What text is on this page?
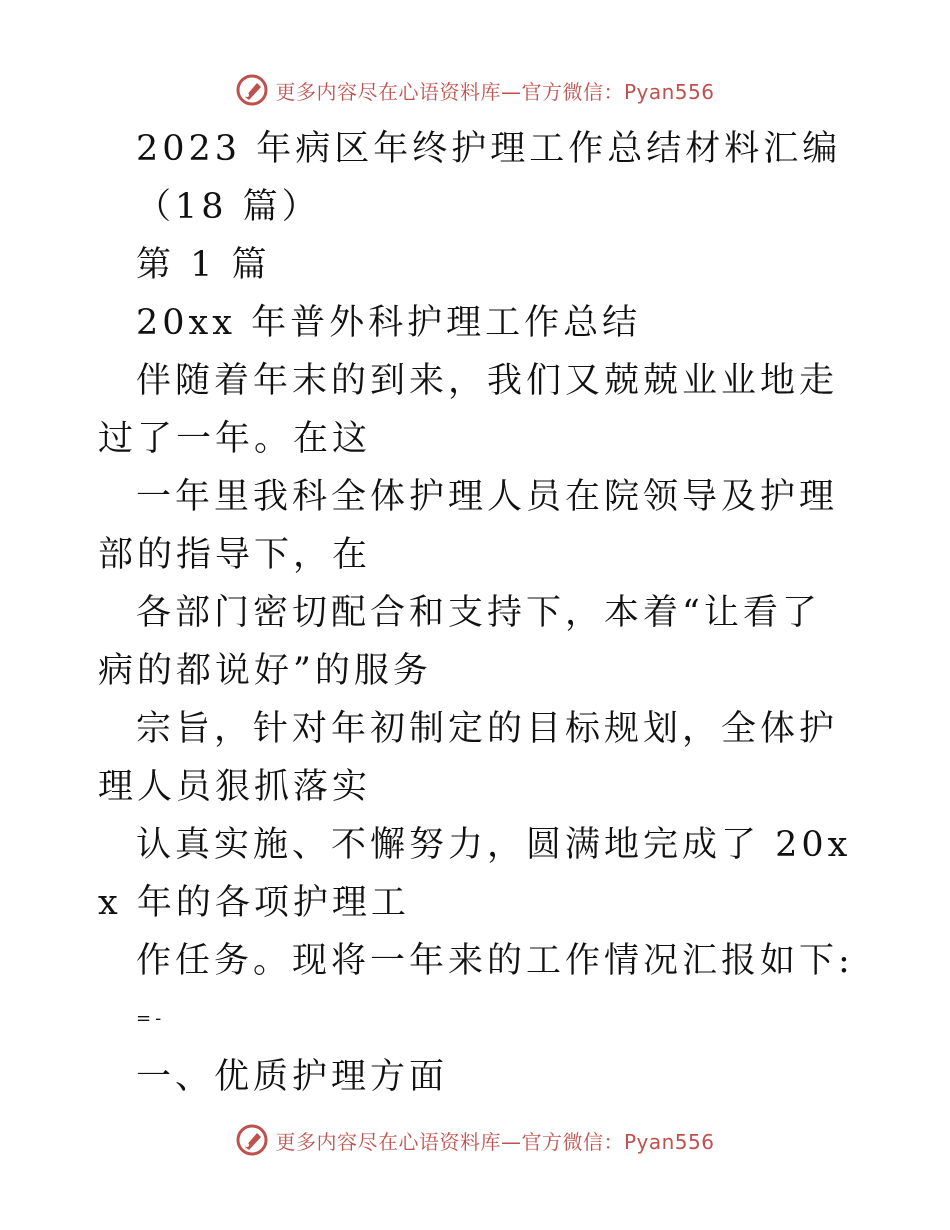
更多内容尽在心语资料库—官方微信：Pyan556

2023 年病区年终护理工作总结材料汇编

（18 篇）

第 1 篇

20xx 年普外科护理工作总结

伴随着年末的到来，我们又兢兢业业地走过了一年。在这

一年里我科全体护理人员在院领导及护理部的指导下，在

各部门密切配合和支持下，本着“让看了病的都说好”的服务

宗旨，针对年初制定的目标规划，全体护理人员狠抓落实

认真实施、不懈努力，圆满地完成了 20xx 年的各项护理工

作任务。现将一年来的工作情况汇报如下:

=-

一、优质护理方面

更多内容尽在心语资料库—官方微信：Pyan556
